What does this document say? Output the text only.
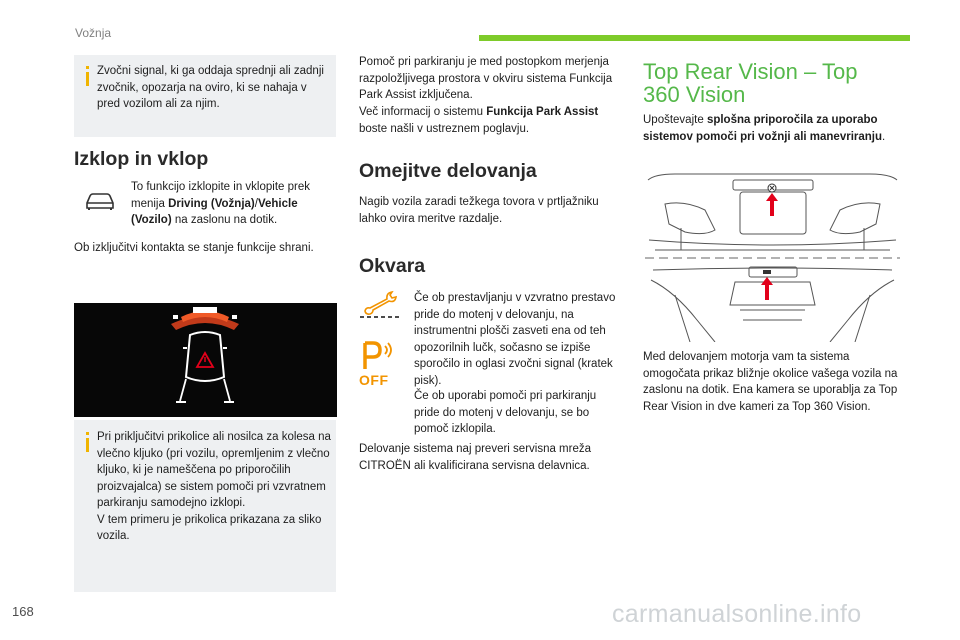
Vožnja
Zvočni signal, ki ga oddaja sprednji ali zadnji zvočnik, opozarja na oviro, ki se nahaja v pred vozilom ali za njim.
Izklop in vklop

To funkcijo izklopite in vklopite prek menija Driving (Vožnja)/Vehicle (Vozilo) na zaslonu na dotik.

Ob izključitvi kontakta se stanje funkcije shrani.

Pri priključitvi prikolice ali nosilca za kolesa na vlečno kljuko (pri vozilu, opremljenim z vlečno kljuko, ki je nameščena po priporočilih proizvajalca) se sistem pomoči pri vzvratnem parkiranju samodejno izklopi.
V tem primeru je prikolica prikazana za sliko vozila.

Pomoč pri parkiranju je med postopkom merjenja razpoložljivega prostora v okviru sistema Funkcija Park Assist izključena.

Več informacij o sistemu Funkcija Park Assist boste našli v ustreznem poglavju.

Omejitve delovanja

Nagib vozila zaradi težkega tovora v prtljažniku lahko ovira meritve razdalje.

Okvara
OFF

Če ob prestavljanju v vzvratno prestavo pride do motenj v delovanju, na instrumentni plošči zasveti ena od teh opozorilnih lučk, sočasno se izpiše sporočilo in oglasi zvočni signal (kratek pisk).

Če ob uporabi pomoči pri parkiranju pride do motenj v delovanju, se bo pomoč izklopila.

Delovanje sistema naj preveri servisna mreža CITROËN ali kvalificirana servisna delavnica.

Top Rear Vision – Top
360 Vision

Upoštevajte splošna priporočila za uporabo sistemov pomoči pri vožnji ali manevriranju.

Med delovanjem motorja vam ta sistema omogočata prikaz bližnje okolice vašega vozila na zaslonu na dotik. Ena kamera se uporablja za Top Rear Vision in dve kameri za Top 360 Vision.

168	carmanualsonline.info
